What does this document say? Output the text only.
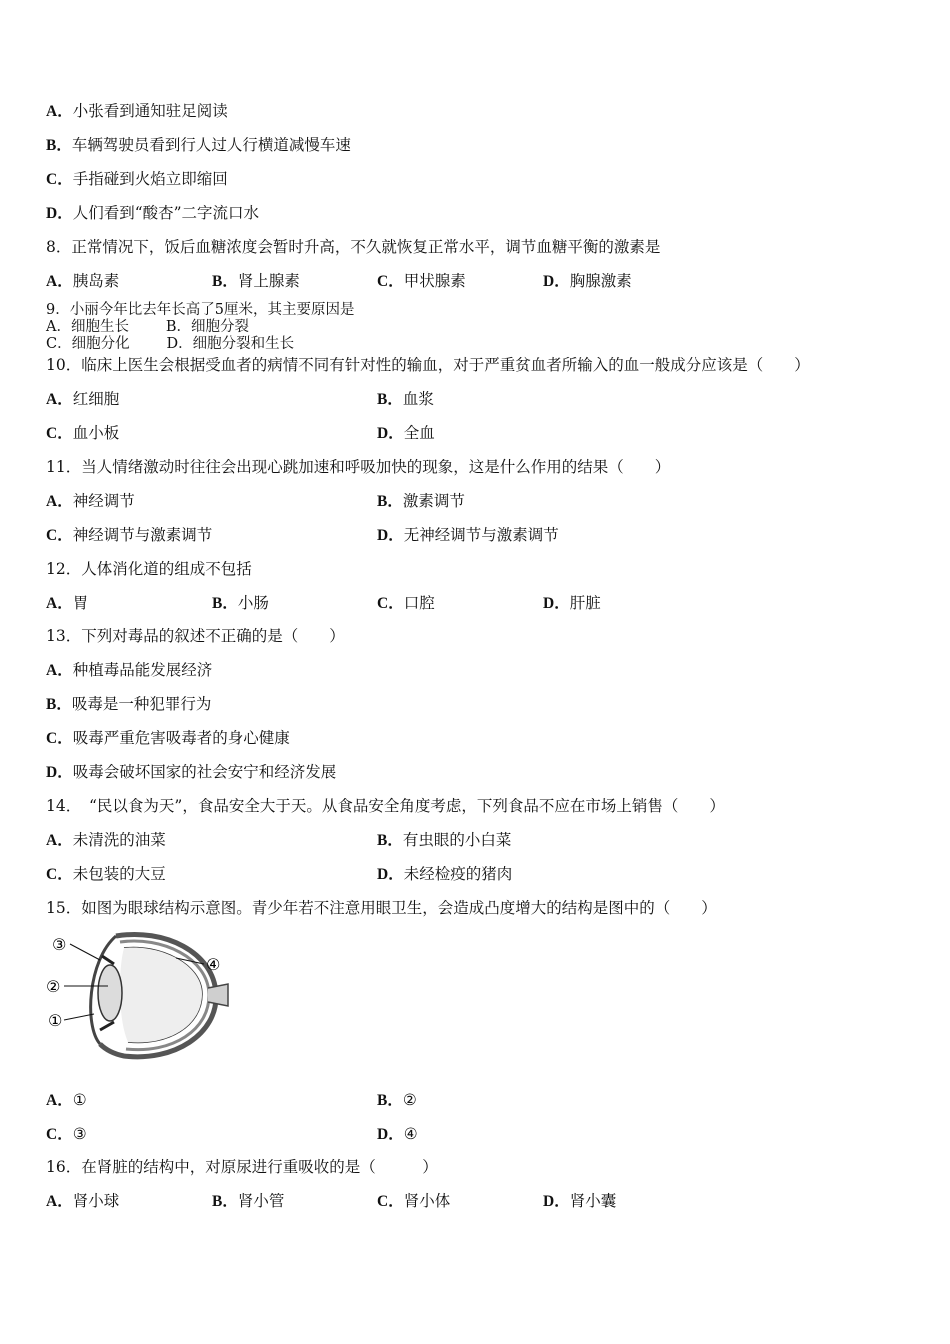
A．小张看到通知驻足阅读
B．车辆驾驶员看到行人过人行横道减慢车速
C．手指碰到火焰立即缩回
D．人们看到“酸杏”二字流口水
8．正常情况下，饭后血糖浓度会暂时升高，不久就恢复正常水平，调节血糖平衡的激素是
A．胰岛素	B．肾上腺素	C．甲状腺素	D．胸腺激素
9．小丽今年比去年长高了5厘米，其主要原因是
A．细胞生长        B．细胞分裂
C．细胞分化        D．细胞分裂和生长
10．临床上医生会根据受血者的病情不同有针对性的输血，对于严重贫血者所输入的血一般成分应该是（　　）
A．红细胞	B．血浆
C．血小板	D．全血
11．当人情绪激动时往往会出现心跳加速和呼吸加快的现象，这是什么作用的结果（　　）
A．神经调节	B．激素调节
C．神经调节与激素调节	D．无神经调节与激素调节
12．人体消化道的组成不包括
A．胃	B．小肠	C．口腔	D．肝脏
13．下列对毒品的叙述不正确的是（　　）
A．种植毒品能发展经济
B．吸毒是一种犯罪行为
C．吸毒严重危害吸毒者的身心健康
D．吸毒会破坏国家的社会安宁和经济发展
14．　“民以食为天”，食品安全大于天。从食品安全角度考虑，下列食品不应在市场上销售（　　）
A．未清洗的油菜	B．有虫眼的小白菜
C．未包装的大豆	D．未经检疫的猪肉
15．如图为眼球结构示意图。青少年若不注意用眼卫生，会造成凸度增大的结构是图中的（　　）
③
②
①
④
A．①	B．②
C．③	D．④
16．在肾脏的结构中，对原尿进行重吸收的是（　　　）
A．肾小球	B．肾小管	C．肾小体	D．肾小囊
